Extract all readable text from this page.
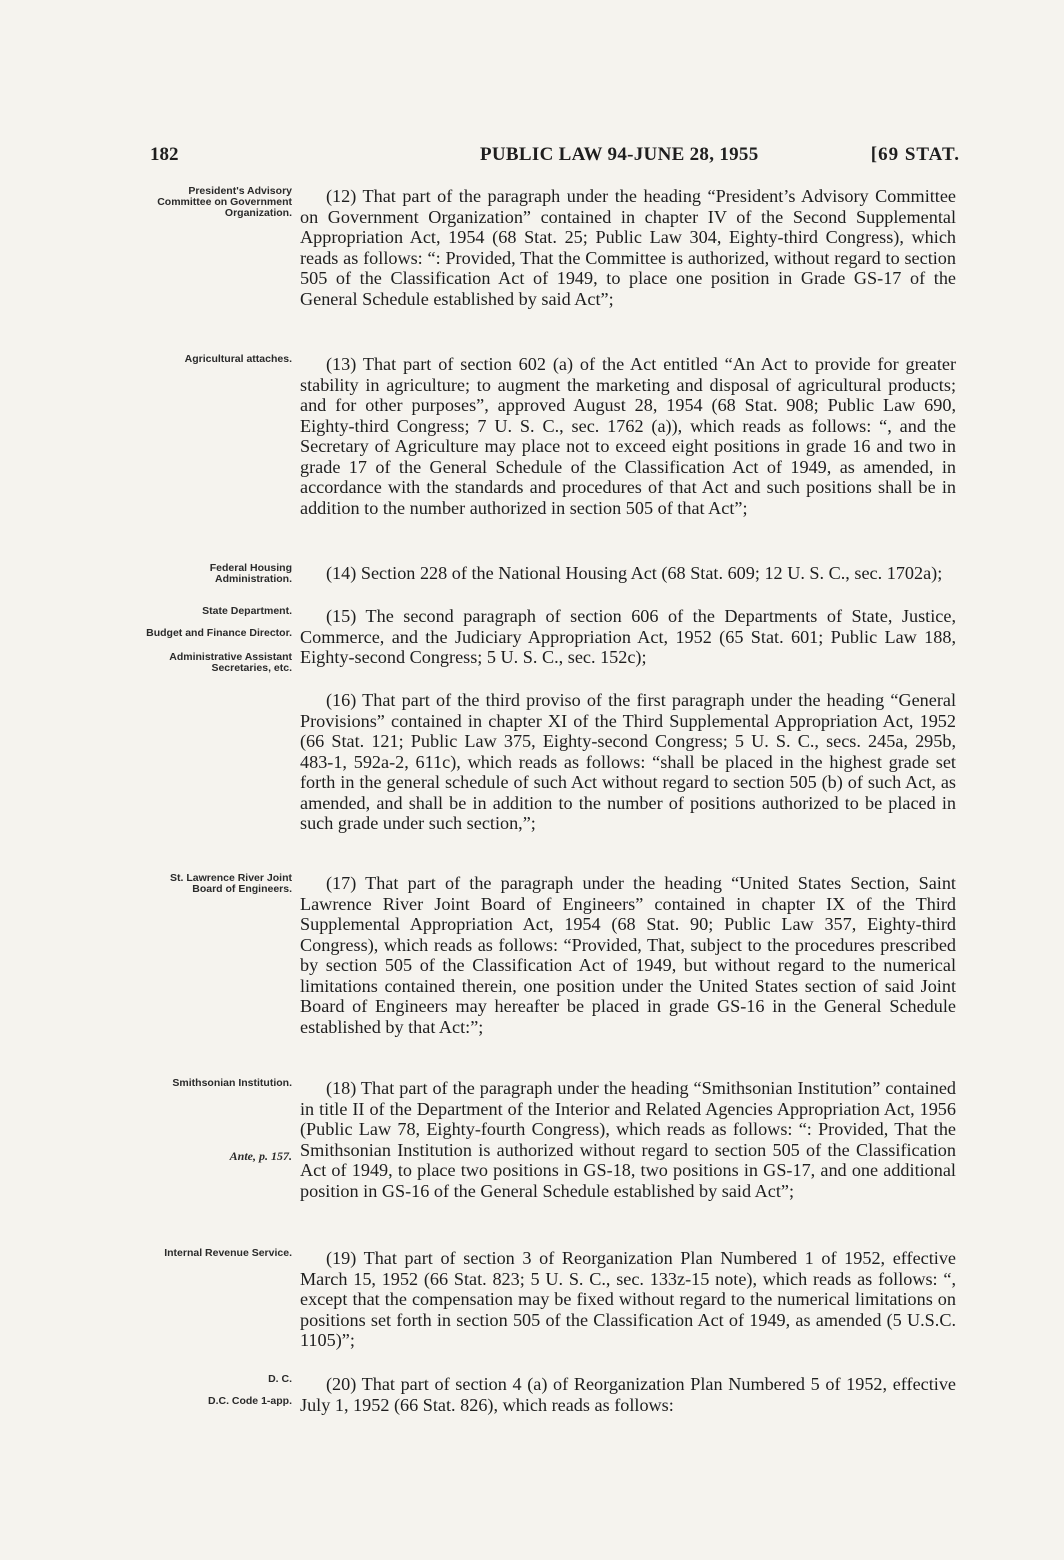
182	PUBLIC LAW 94-JUNE 28, 1955	[69 STAT.
President's Advisory Committee on Government Organization.

(12) That part of the paragraph under the heading “President’s Advisory Committee on Government Organization” contained in chapter IV of the Second Supplemental Appropriation Act, 1954 (68 Stat. 25; Public Law 304, Eighty-third Congress), which reads as follows: “: Provided, That the Committee is authorized, without regard to section 505 of the Classification Act of 1949, to place one position in Grade GS-17 of the General Schedule established by said Act”;

Agricultural attaches.	(13) That part of section 602 (a) of the Act entitled “An Act to provide for greater stability in agriculture; to augment the marketing and disposal of agricultural products; and for other purposes”, approved August 28, 1954 (68 Stat. 908; Public Law 690, Eighty-third Congress; 7 U. S. C., sec. 1762 (a)), which reads as follows: “, and the Secretary of Agriculture may place not to exceed eight positions in grade 16 and two in grade 17 of the General Schedule of the Classification Act of 1949, as amended, in accordance with the standards and procedures of that Act and such positions shall be in addition to the number authorized in section 505 of that Act”;

Federal Housing Administration.	(14) Section 228 of the National Housing Act (68 Stat. 609; 12 U. S. C., sec. 1702a);

State Department.
Budget and Finance Director.
Administrative Assistant Secretaries, etc.

(15) The second paragraph of section 606 of the Departments of State, Justice, Commerce, and the Judiciary Appropriation Act, 1952 (65 Stat. 601; Public Law 188, Eighty-second Congress; 5 U. S. C., sec. 152c);

(16) That part of the third proviso of the first paragraph under the heading “General Provisions” contained in chapter XI of the Third Supplemental Appropriation Act, 1952 (66 Stat. 121; Public Law 375, Eighty-second Congress; 5 U. S. C., secs. 245a, 295b, 483-1, 592a-2, 611c), which reads as follows: “shall be placed in the highest grade set forth in the general schedule of such Act without regard to section 505 (b) of such Act, as amended, and shall be in addition to the number of positions authorized to be placed in such grade under such section,”;

St. Lawrence River Joint Board of Engineers.	(17) That part of the paragraph under the heading “United States Section, Saint Lawrence River Joint Board of Engineers” contained in chapter IX of the Third Supplemental Appropriation Act, 1954 (68 Stat. 90; Public Law 357, Eighty-third Congress), which reads as follows: “Provided, That, subject to the procedures prescribed by section 505 of the Classification Act of 1949, but without regard to the numerical limitations contained therein, one position under the United States section of said Joint Board of Engineers may hereafter be placed in grade GS-16 in the General Schedule established by that Act:”;

Smithsonian Institution.
Ante, p. 157.

(18) That part of the paragraph under the heading “Smithsonian Institution” contained in title II of the Department of the Interior and Related Agencies Appropriation Act, 1956 (Public Law 78, Eighty-fourth Congress), which reads as follows: “: Provided, That the Smithsonian Institution is authorized without regard to section 505 of the Classification Act of 1949, to place two positions in GS-18, two positions in GS-17, and one additional position in GS-16 of the General Schedule established by said Act”;

Internal Revenue Service.	(19) That part of section 3 of Reorganization Plan Numbered 1 of 1952, effective March 15, 1952 (66 Stat. 823; 5 U. S. C., sec. 133z-15 note), which reads as follows: “, except that the compensation may be fixed without regard to the numerical limitations on positions set forth in section 505 of the Classification Act of 1949, as amended (5 U.S.C. 1105)”;

D. C.
D.C. Code 1-app.

(20) That part of section 4 (a) of Reorganization Plan Numbered 5 of 1952, effective July 1, 1952 (66 Stat. 826), which reads as follows:
